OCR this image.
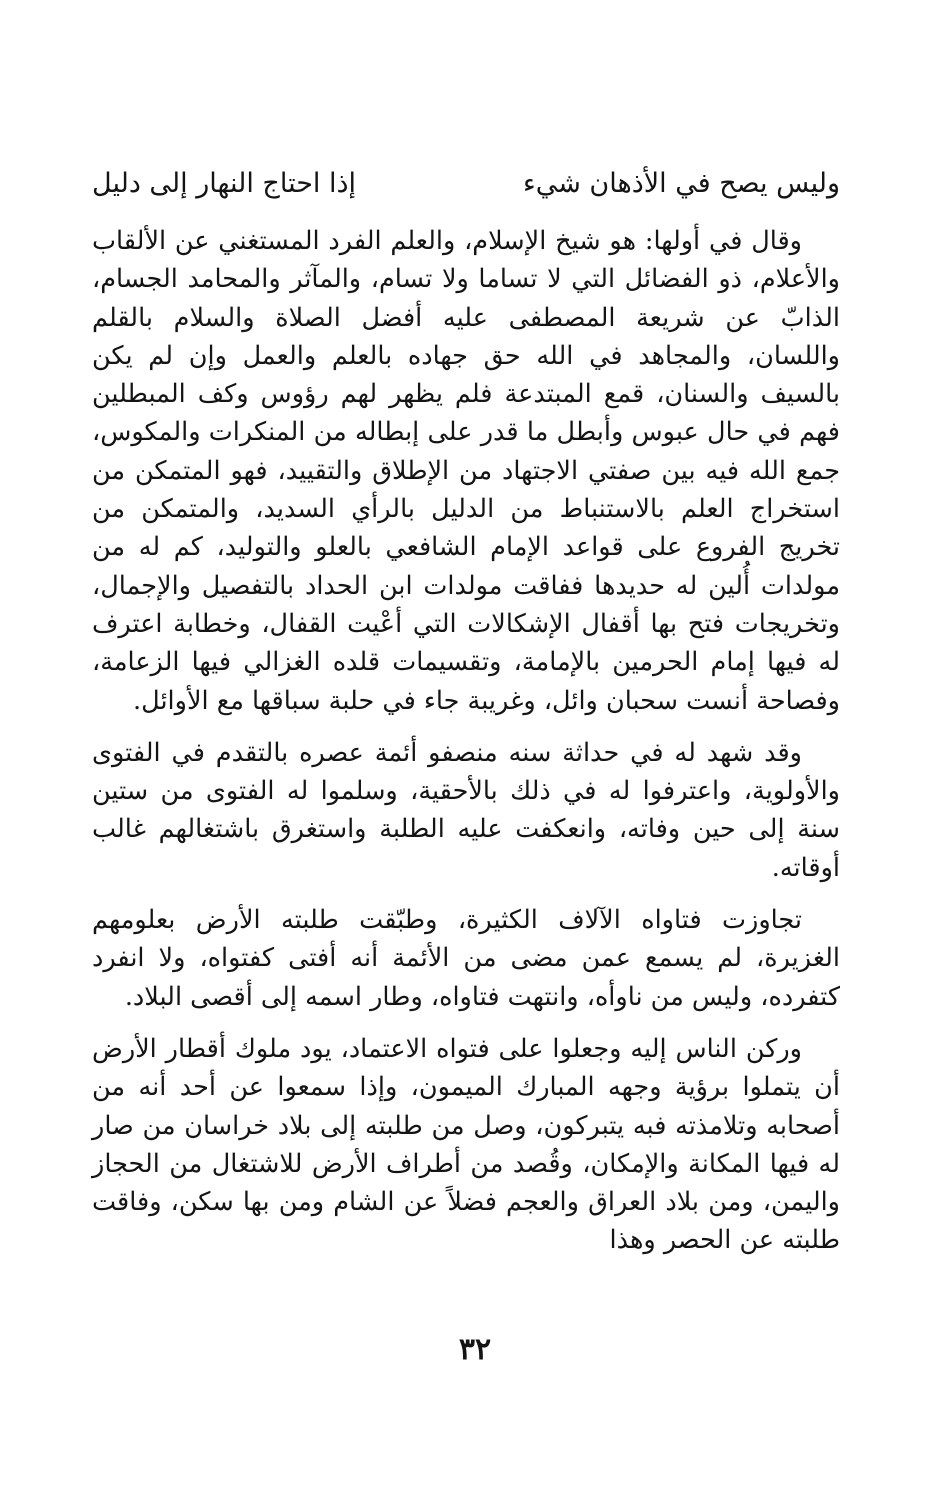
وليس يصح في الأذهان شيء
إذا احتاج النهار إلى دليل

وقال في أولها: هو شيخ الإسلام، والعلم الفرد المستغني عن الألقاب والأعلام، ذو الفضائل التي لا تساما ولا تسام، والمآثر والمحامد الجسام، الذابّ عن شريعة المصطفى عليه أفضل الصلاة والسلام بالقلم واللسان، والمجاهد في الله حق جهاده بالعلم والعمل وإن لم يكن بالسيف والسنان، قمع المبتدعة فلم يظهر لهم رؤوس وكف المبطلين فهم في حال عبوس وأبطل ما قدر على إبطاله من المنكرات والمكوس، جمع الله فيه بين صفتي الاجتهاد من الإطلاق والتقييد، فهو المتمكن من استخراج العلم بالاستنباط من الدليل بالرأي السديد، والمتمكن من تخريج الفروع على قواعد الإمام الشافعي بالعلو والتوليد، كم له من مولدات أُلين له حديدها ففاقت مولدات ابن الحداد بالتفصيل والإجمال، وتخريجات فتح بها أقفال الإشكالات التي أعْيت القفال، وخطابة اعترف له فيها إمام الحرمين بالإمامة، وتقسيمات قلده الغزالي فيها الزعامة، وفصاحة أنست سحبان وائل، وغريبة جاء في حلبة سباقها مع الأوائل.

وقد شهد له في حداثة سنه منصفو أئمة عصره بالتقدم في الفتوى والأولوية، واعترفوا له في ذلك بالأحقية، وسلموا له الفتوى من ستين سنة إلى حين وفاته، وانعكفت عليه الطلبة واستغرق باشتغالهم غالب أوقاته.

تجاوزت فتاواه الآلاف الكثيرة، وطبّقت طلبته الأرض بعلومهم الغزيرة، لم يسمع عمن مضى من الأئمة أنه أفتى كفتواه، ولا انفرد كتفرده، وليس من ناوأه، وانتهت فتاواه، وطار اسمه إلى أقصى البلاد.

وركن الناس إليه وجعلوا على فتواه الاعتماد، يود ملوك أقطار الأرض أن يتملوا برؤية وجهه المبارك الميمون، وإذا سمعوا عن أحد أنه من أصحابه وتلامذته فبه يتبركون، وصل من طلبته إلى بلاد خراسان من صار له فيها المكانة والإمكان، وقُصد من أطراف الأرض للاشتغال من الحجاز واليمن، ومن بلاد العراق والعجم فضلاً عن الشام ومن بها سكن، وفاقت طلبته عن الحصر وهذا

٣٢
